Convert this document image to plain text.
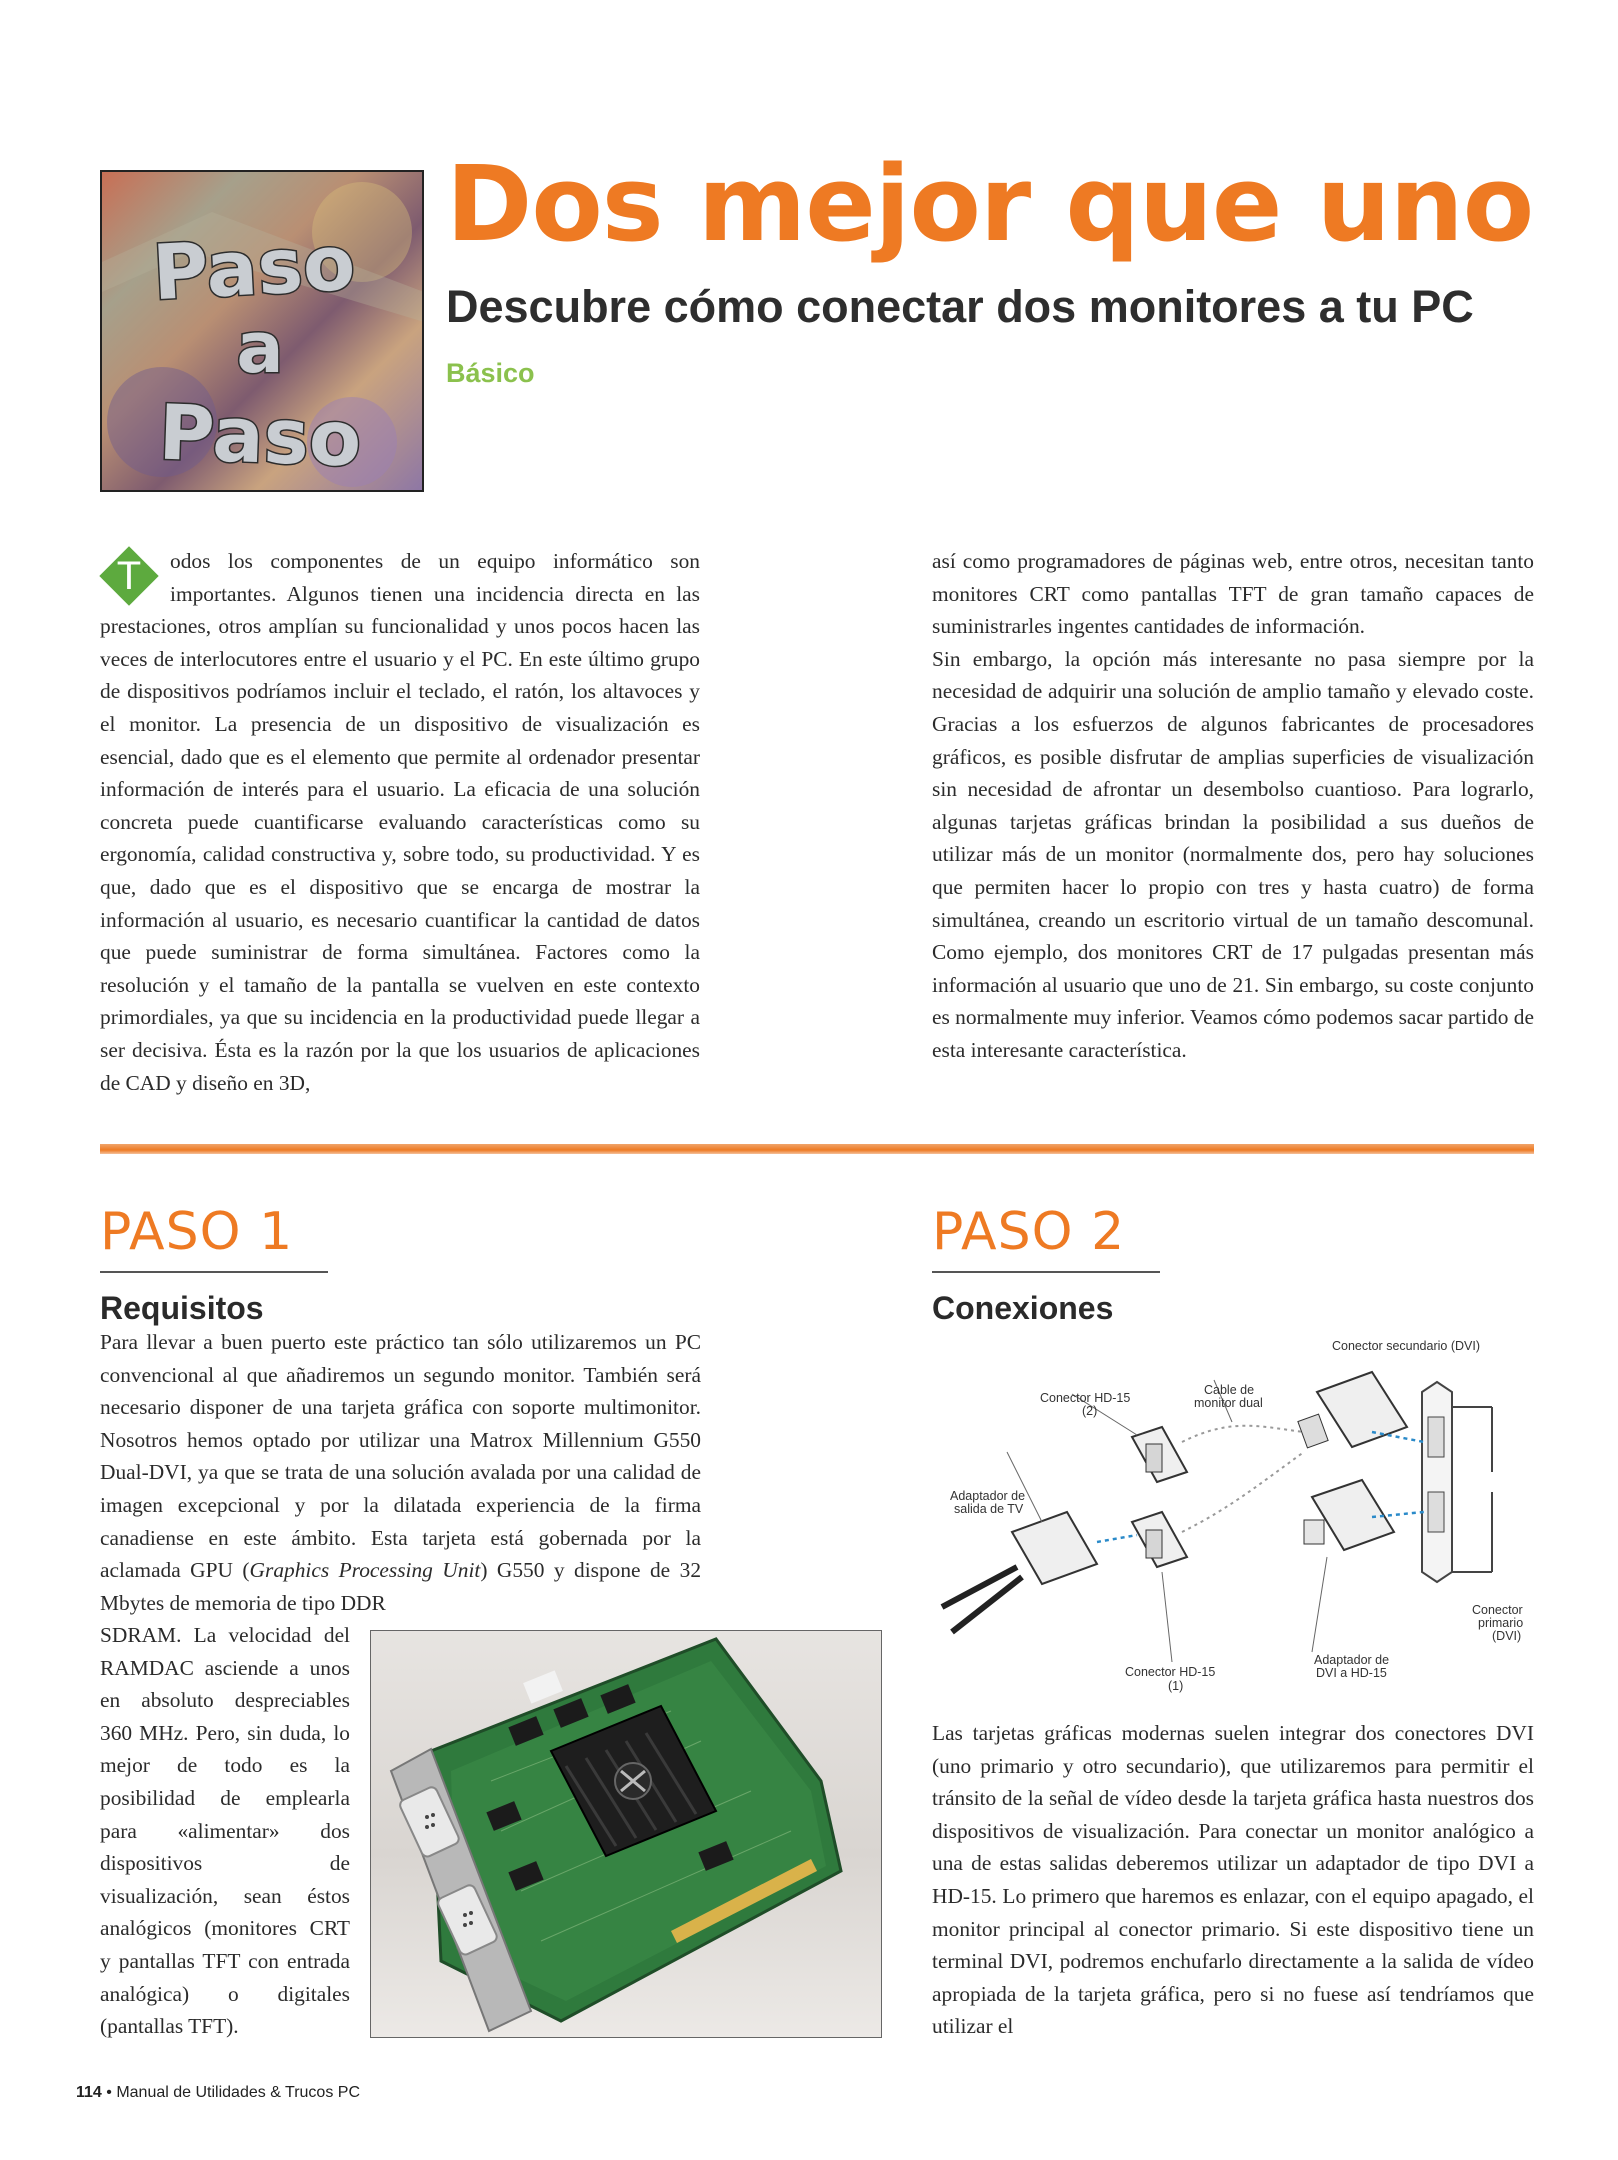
Paso
a
Paso
Dos mejor que uno
Descubre cómo conectar dos monitores a tu PC
Básico
T	odos los componentes de un equipo informático son importantes. Algunos tienen una incidencia directa en las prestaciones, otros amplían su funcionalidad y unos pocos hacen las veces de interlocutores entre el usuario y el PC. En este último grupo de dispositivos podríamos incluir el teclado, el ratón, los altavoces y el monitor. La presencia de un dispositivo de visualización es esencial, dado que es el elemento que permite al ordenador presentar información de interés para el usuario. La eficacia de una solución concreta puede cuantificarse evaluando características como su ergonomía, calidad constructiva y, sobre todo, su productividad. Y es que, dado que es el dispositivo que se encarga de mostrar la información al usuario, es necesario cuantificar la cantidad de datos que puede suministrar de forma simultánea. Factores como la resolución y el tamaño de la pantalla se vuelven en este contexto primordiales, ya que su incidencia en la productividad puede llegar a ser decisiva. Ésta es la razón por la que los usuarios de aplicaciones de CAD y diseño en 3D,

así como programadores de páginas web, entre otros, necesitan tanto monitores CRT como pantallas TFT de gran tamaño capaces de suministrarles ingentes cantidades de información.

Sin embargo, la opción más interesante no pasa siempre por la necesidad de adquirir una solución de amplio tamaño y elevado coste. Gracias a los esfuerzos de algunos fabricantes de procesadores gráficos, es posible disfrutar de amplias superficies de visualización sin necesidad de afrontar un desembolso cuantioso. Para lograrlo, algunas tarjetas gráficas brindan la posibilidad a sus dueños de utilizar más de un monitor (normalmente dos, pero hay soluciones que permiten hacer lo propio con tres y hasta cuatro) de forma simultánea, creando un escritorio virtual de un tamaño descomunal. Como ejemplo, dos monitores CRT de 17 pulgadas presentan más información al usuario que uno de 21. Sin embargo, su coste conjunto es normalmente muy inferior. Veamos cómo podemos sacar partido de esta interesante característica.

PASO 1
Requisitos

Para llevar a buen puerto este práctico tan sólo utilizaremos un PC convencional al que añadiremos un segundo monitor. También será necesario disponer de una tarjeta gráfica con soporte multimonitor. Nosotros hemos optado por utilizar una Matrox Millennium G550 Dual-DVI, ya que se trata de una solución avalada por una calidad de imagen excepcional y por la dilatada experiencia de la firma canadiense en este ámbito. Esta tarjeta está gobernada por la aclamada GPU (Graphics Processing Unit) G550 y dispone de 32 Mbytes de memoria de tipo DDR

SDRAM. La velocidad del RAMDAC asciende a unos en absoluto despreciables 360 MHz. Pero, sin duda, lo mejor de todo es la posibilidad de emplearla para «alimentar» dos dispositivos de visualización, sean éstos analógicos (monitores CRT y pantallas TFT con entrada analógica) o digitales (pantallas TFT).

PASO 2
Conexiones
Conector secundario (DVI)
Cable de
monitor dual
Conector HD-15
(2)
Adaptador de
salida de TV
Conector
primario
(DVI)
Adaptador de
DVI a HD-15
Conector HD-15
(1)

Las tarjetas gráficas modernas suelen integrar dos conectores DVI (uno primario y otro secundario), que utilizaremos para permitir el tránsito de la señal de vídeo desde la tarjeta gráfica hasta nuestros dos dispositivos de visualización. Para conectar un monitor analógico a una de estas salidas deberemos utilizar un adaptador de tipo DVI a HD-15. Lo primero que haremos es enlazar, con el equipo apagado, el monitor principal al conector primario. Si este dispositivo tiene un terminal DVI, podremos enchufarlo directamente a la salida de vídeo apropiada de la tarjeta gráfica, pero si no fuese así tendríamos que utilizar el

114 • Manual de Utilidades & Trucos PC
